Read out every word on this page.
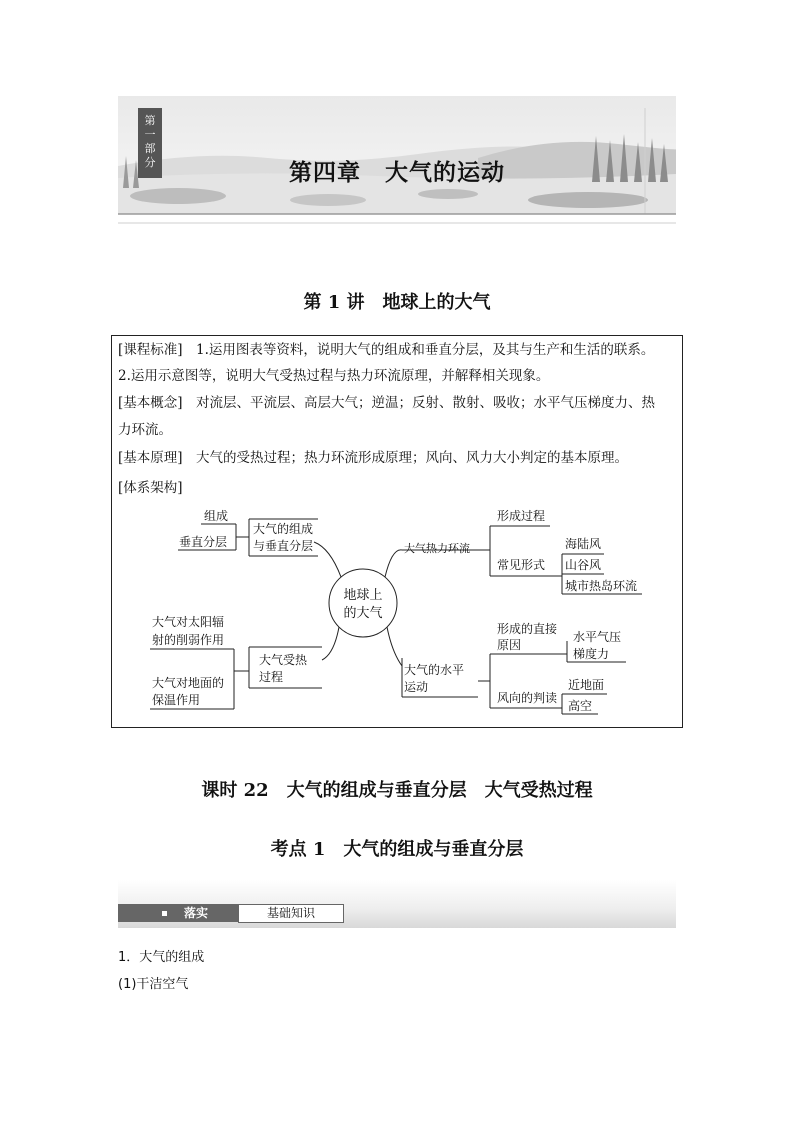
第
一
部
分	第四章　大气的运动
第 1 讲　地球上的大气
[课程标准]　1.运用图表等资料，说明大气的组成和垂直分层，及其与生产和生活的联系。
2.运用示意图等，说明大气受热过程与热力环流原理，并解释相关现象。
[基本概念]　对流层、平流层、高层大气；逆温；反射、散射、吸收；水平气压梯度力、热
力环流。
[基本原理]　大气的受热过程；热力环流形成原理；风向、风力大小判定的基本原理。
[体系架构]
地球上
的大气
大气的组成
与垂直分层
组成
垂直分层	大气热力环流
形成过程
常见形式
海陆风
山谷风
城市热岛环流
大气受热
过程
大气对太阳辐
射的削弱作用
大气对地面的
保温作用
大气的水平
运动
形成的直接
原因
风向的判读
水平气压
梯度力
近地面
高空
课时 22　大气的组成与垂直分层　大气受热过程
考点 1　大气的组成与垂直分层
落实	基础知识
1．大气的组成
(1)干洁空气
